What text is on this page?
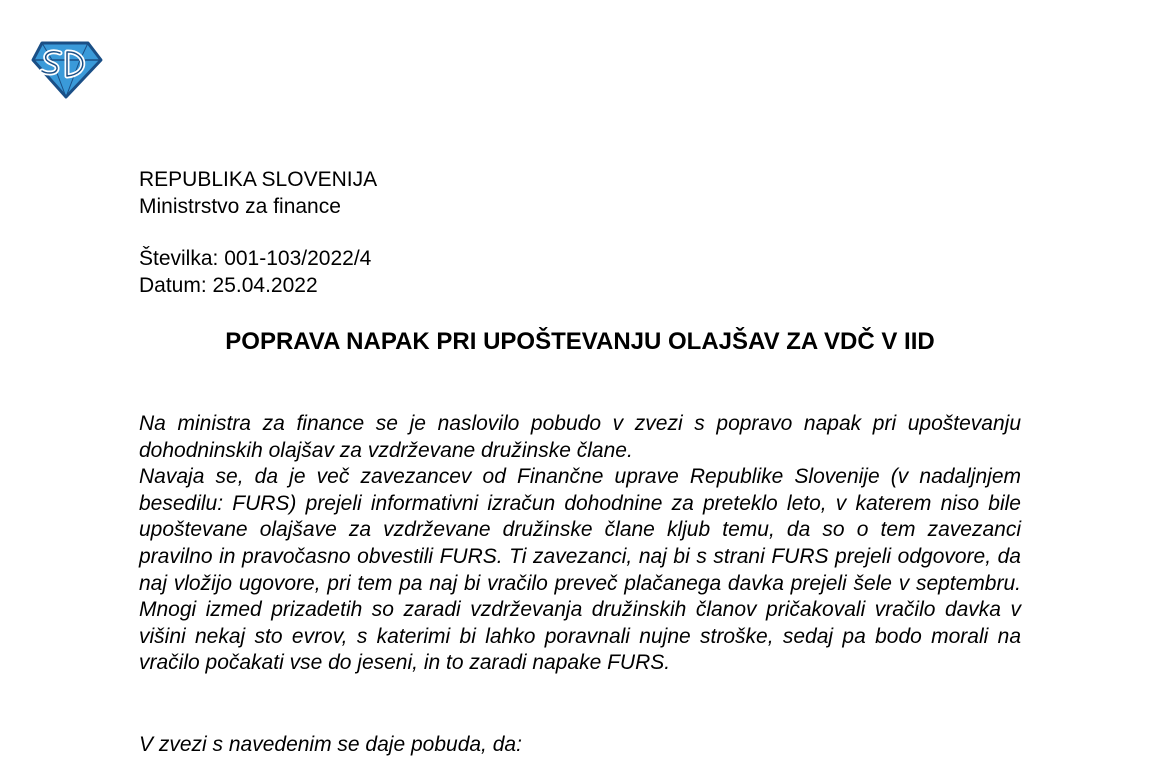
REPUBLIKA SLOVENIJA
Ministrstvo za finance
Številka: 001-103/2022/4
Datum: 25.04.2022
POPRAVA NAPAK PRI UPOŠTEVANJU OLAJŠAV ZA VDČ V IID

Na ministra za finance se je naslovilo pobudo v zvezi s popravo napak pri upoštevanju dohodninskih olajšav za vzdrževane družinske člane.

Navaja se, da je več zavezancev od Finančne uprave Republike Slovenije (v nadaljnjem besedilu: FURS) prejeli informativni izračun dohodnine za preteklo leto, v katerem niso bile upoštevane olajšave za vzdrževane družinske člane kljub temu, da so o tem zavezanci pravilno in pravočasno obvestili FURS. Ti zavezanci, naj bi s strani FURS prejeli odgovore, da naj vložijo ugovore, pri tem pa naj bi vračilo preveč plačanega davka prejeli šele v septembru. Mnogi izmed prizadetih so zaradi vzdrževanja družinskih članov pričakovali vračilo davka v višini nekaj sto evrov, s katerimi bi lahko poravnali nujne stroške, sedaj pa bodo morali na vračilo počakati vse do jeseni, in to zaradi napake FURS.

V zvezi s navedenim se daje pobuda, da:
